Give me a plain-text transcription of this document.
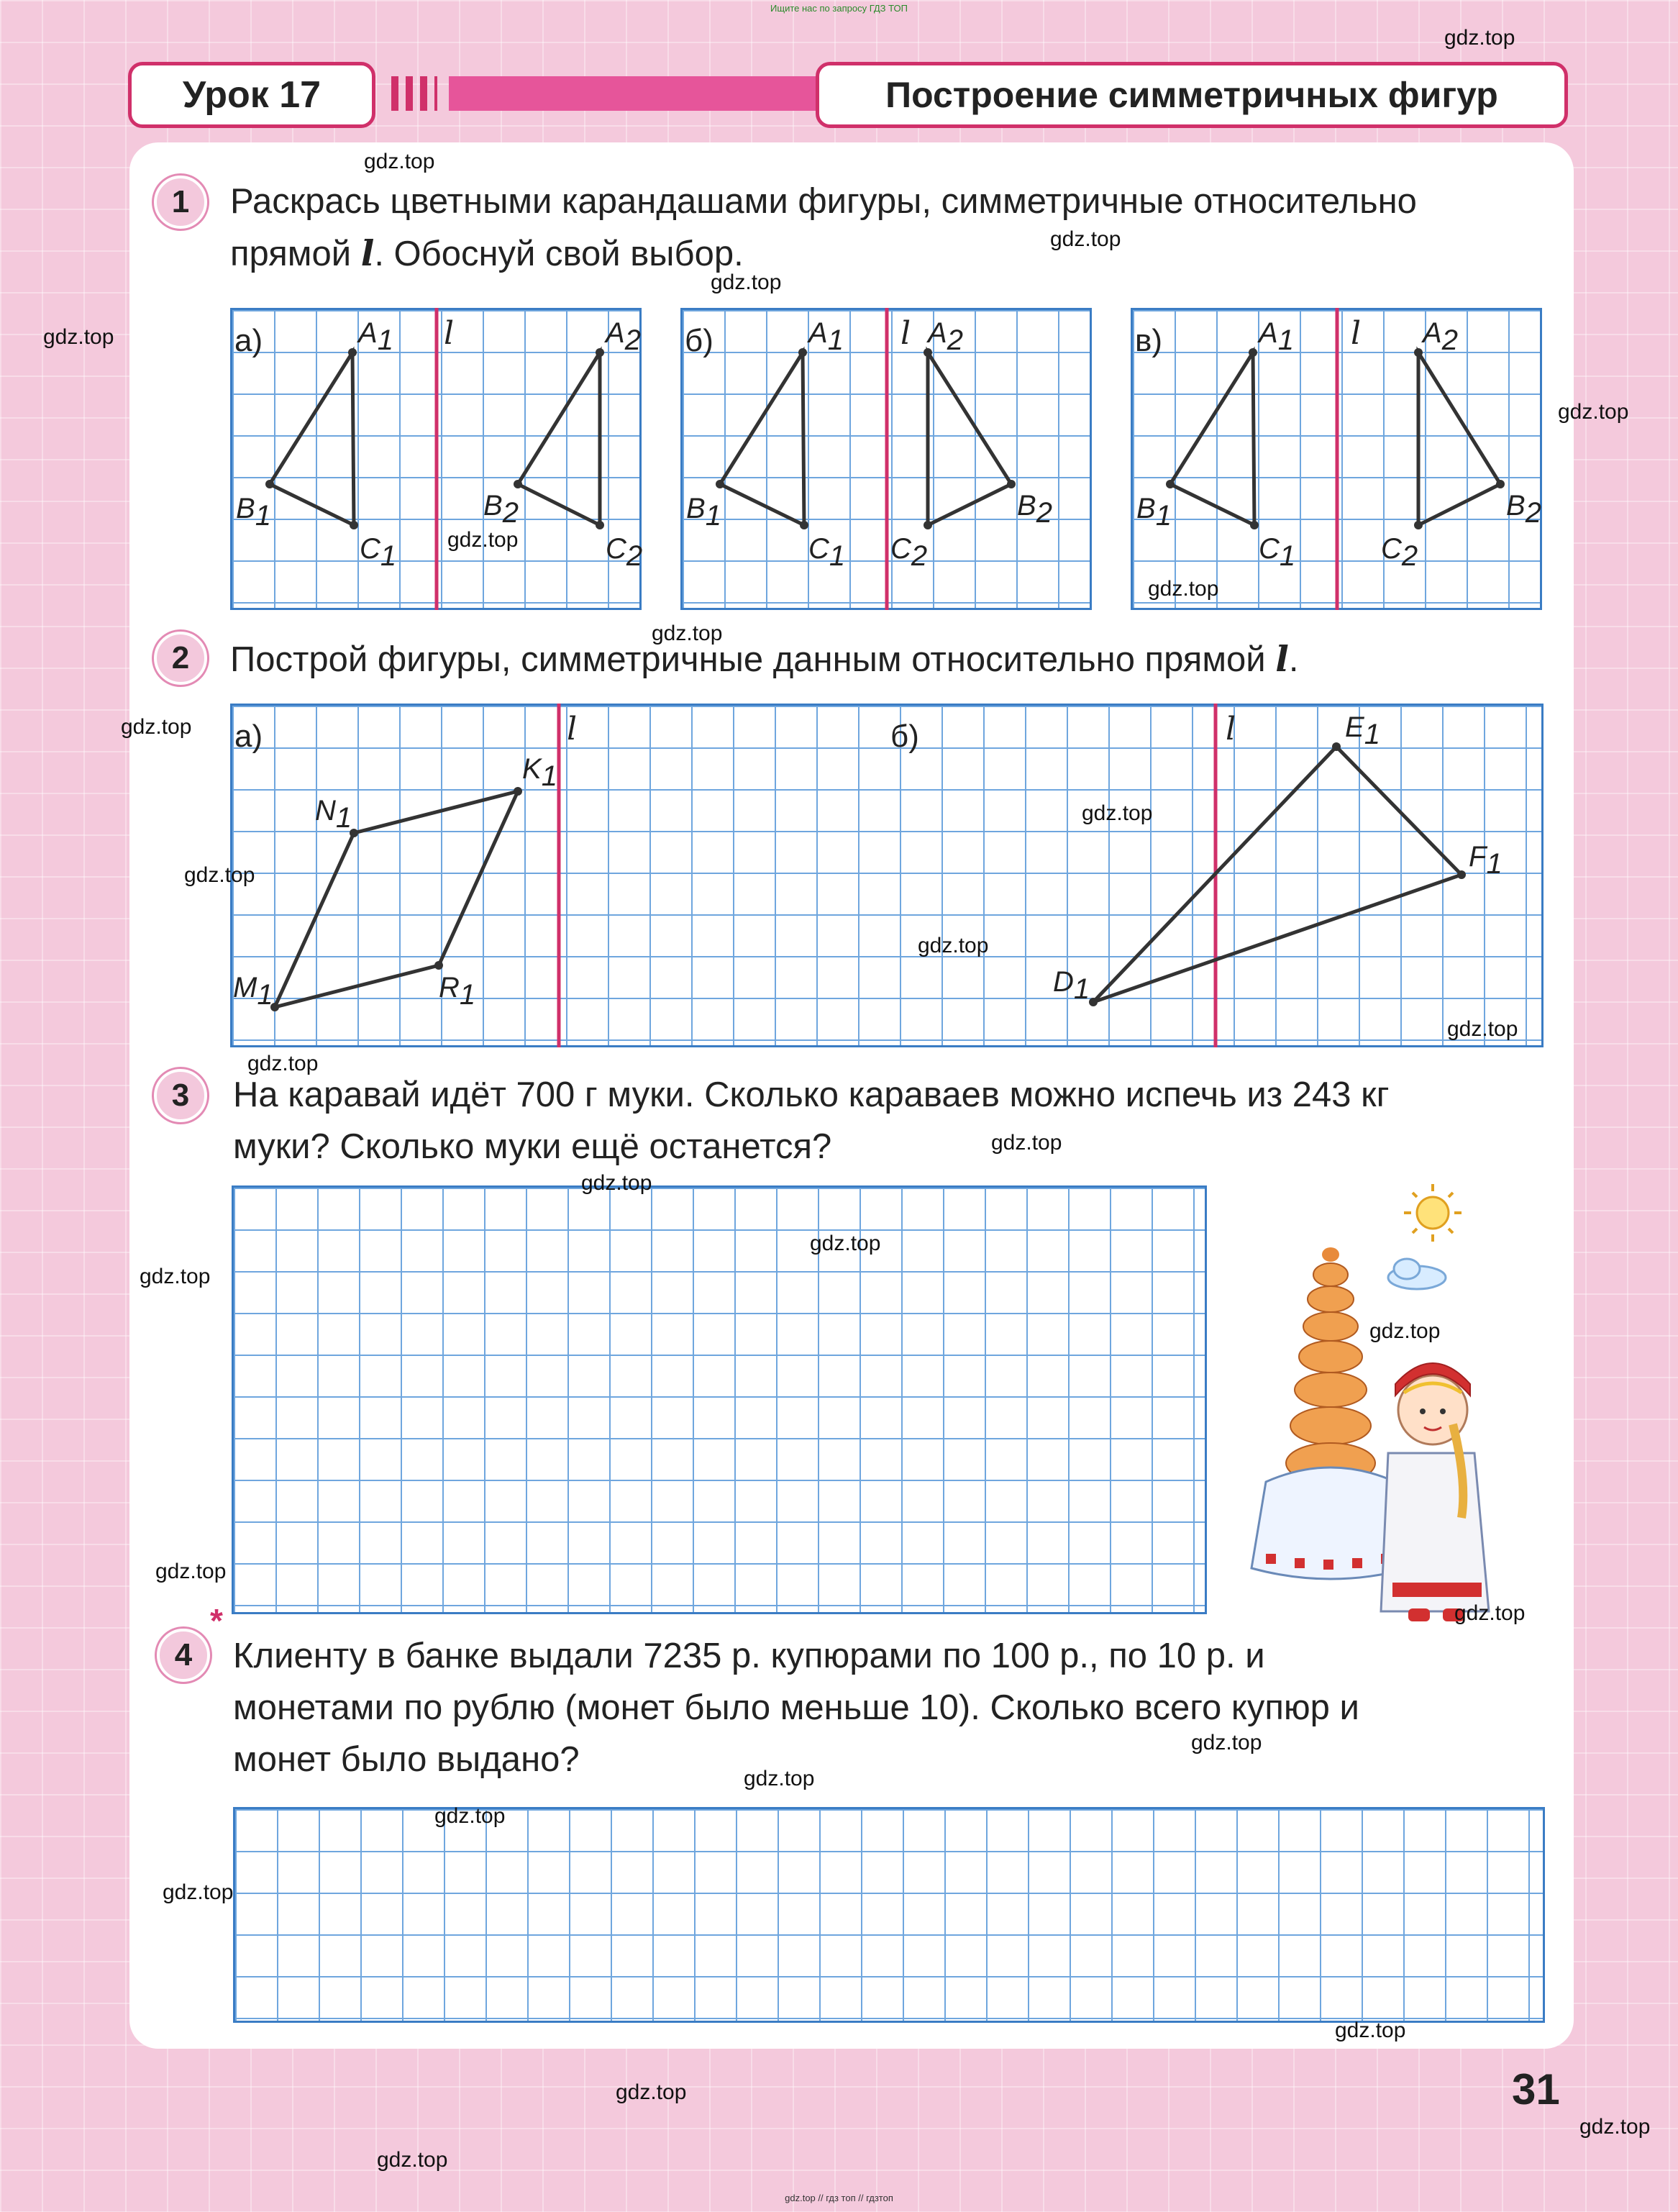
Ищите нас по запросу ГДЗ ТОП
Урок 17	Построение симметричных фигур
1	Раскрась цветными карандашами фигуры, симметричные относительно
прямой l. Обоснуй свой выбор.
а)	l
A1
B1
C1
A2
B2
C2
б)	l
A1
B1
C1
A2
B2
C2
в)	l
A1
B1
C1
A2
B2
C2
2	Построй фигуры, симметричные данным относительно прямой l.
а)	б)
l	l
K1
N1
M1	R1
E1
F1
D1
3	На каравай идёт 700 г муки. Сколько караваев можно испечь из 243 кг
муки? Сколько муки ещё останется?
4
*
Клиенту в банке выдали 7235 р. купюрами по 100 р., по 10 р. и
монетами по рублю (монет было меньше 10). Сколько всего купюр и
монет было выдано?
31
gdz.top // гдз топ // гдзтоп
gdz.top
gdz.top
gdz.top
gdz.top
gdz.top
gdz.top
gdz.top
gdz.top
gdz.top
gdz.top
gdz.top
gdz.top
gdz.top
gdz.top
gdz.top
gdz.top
gdz.top
gdz.top
gdz.top
gdz.top
gdz.top
gdz.top
gdz.top
gdz.top
gdz.top
gdz.top
gdz.top
gdz.top
gdz.top
gdz.top
